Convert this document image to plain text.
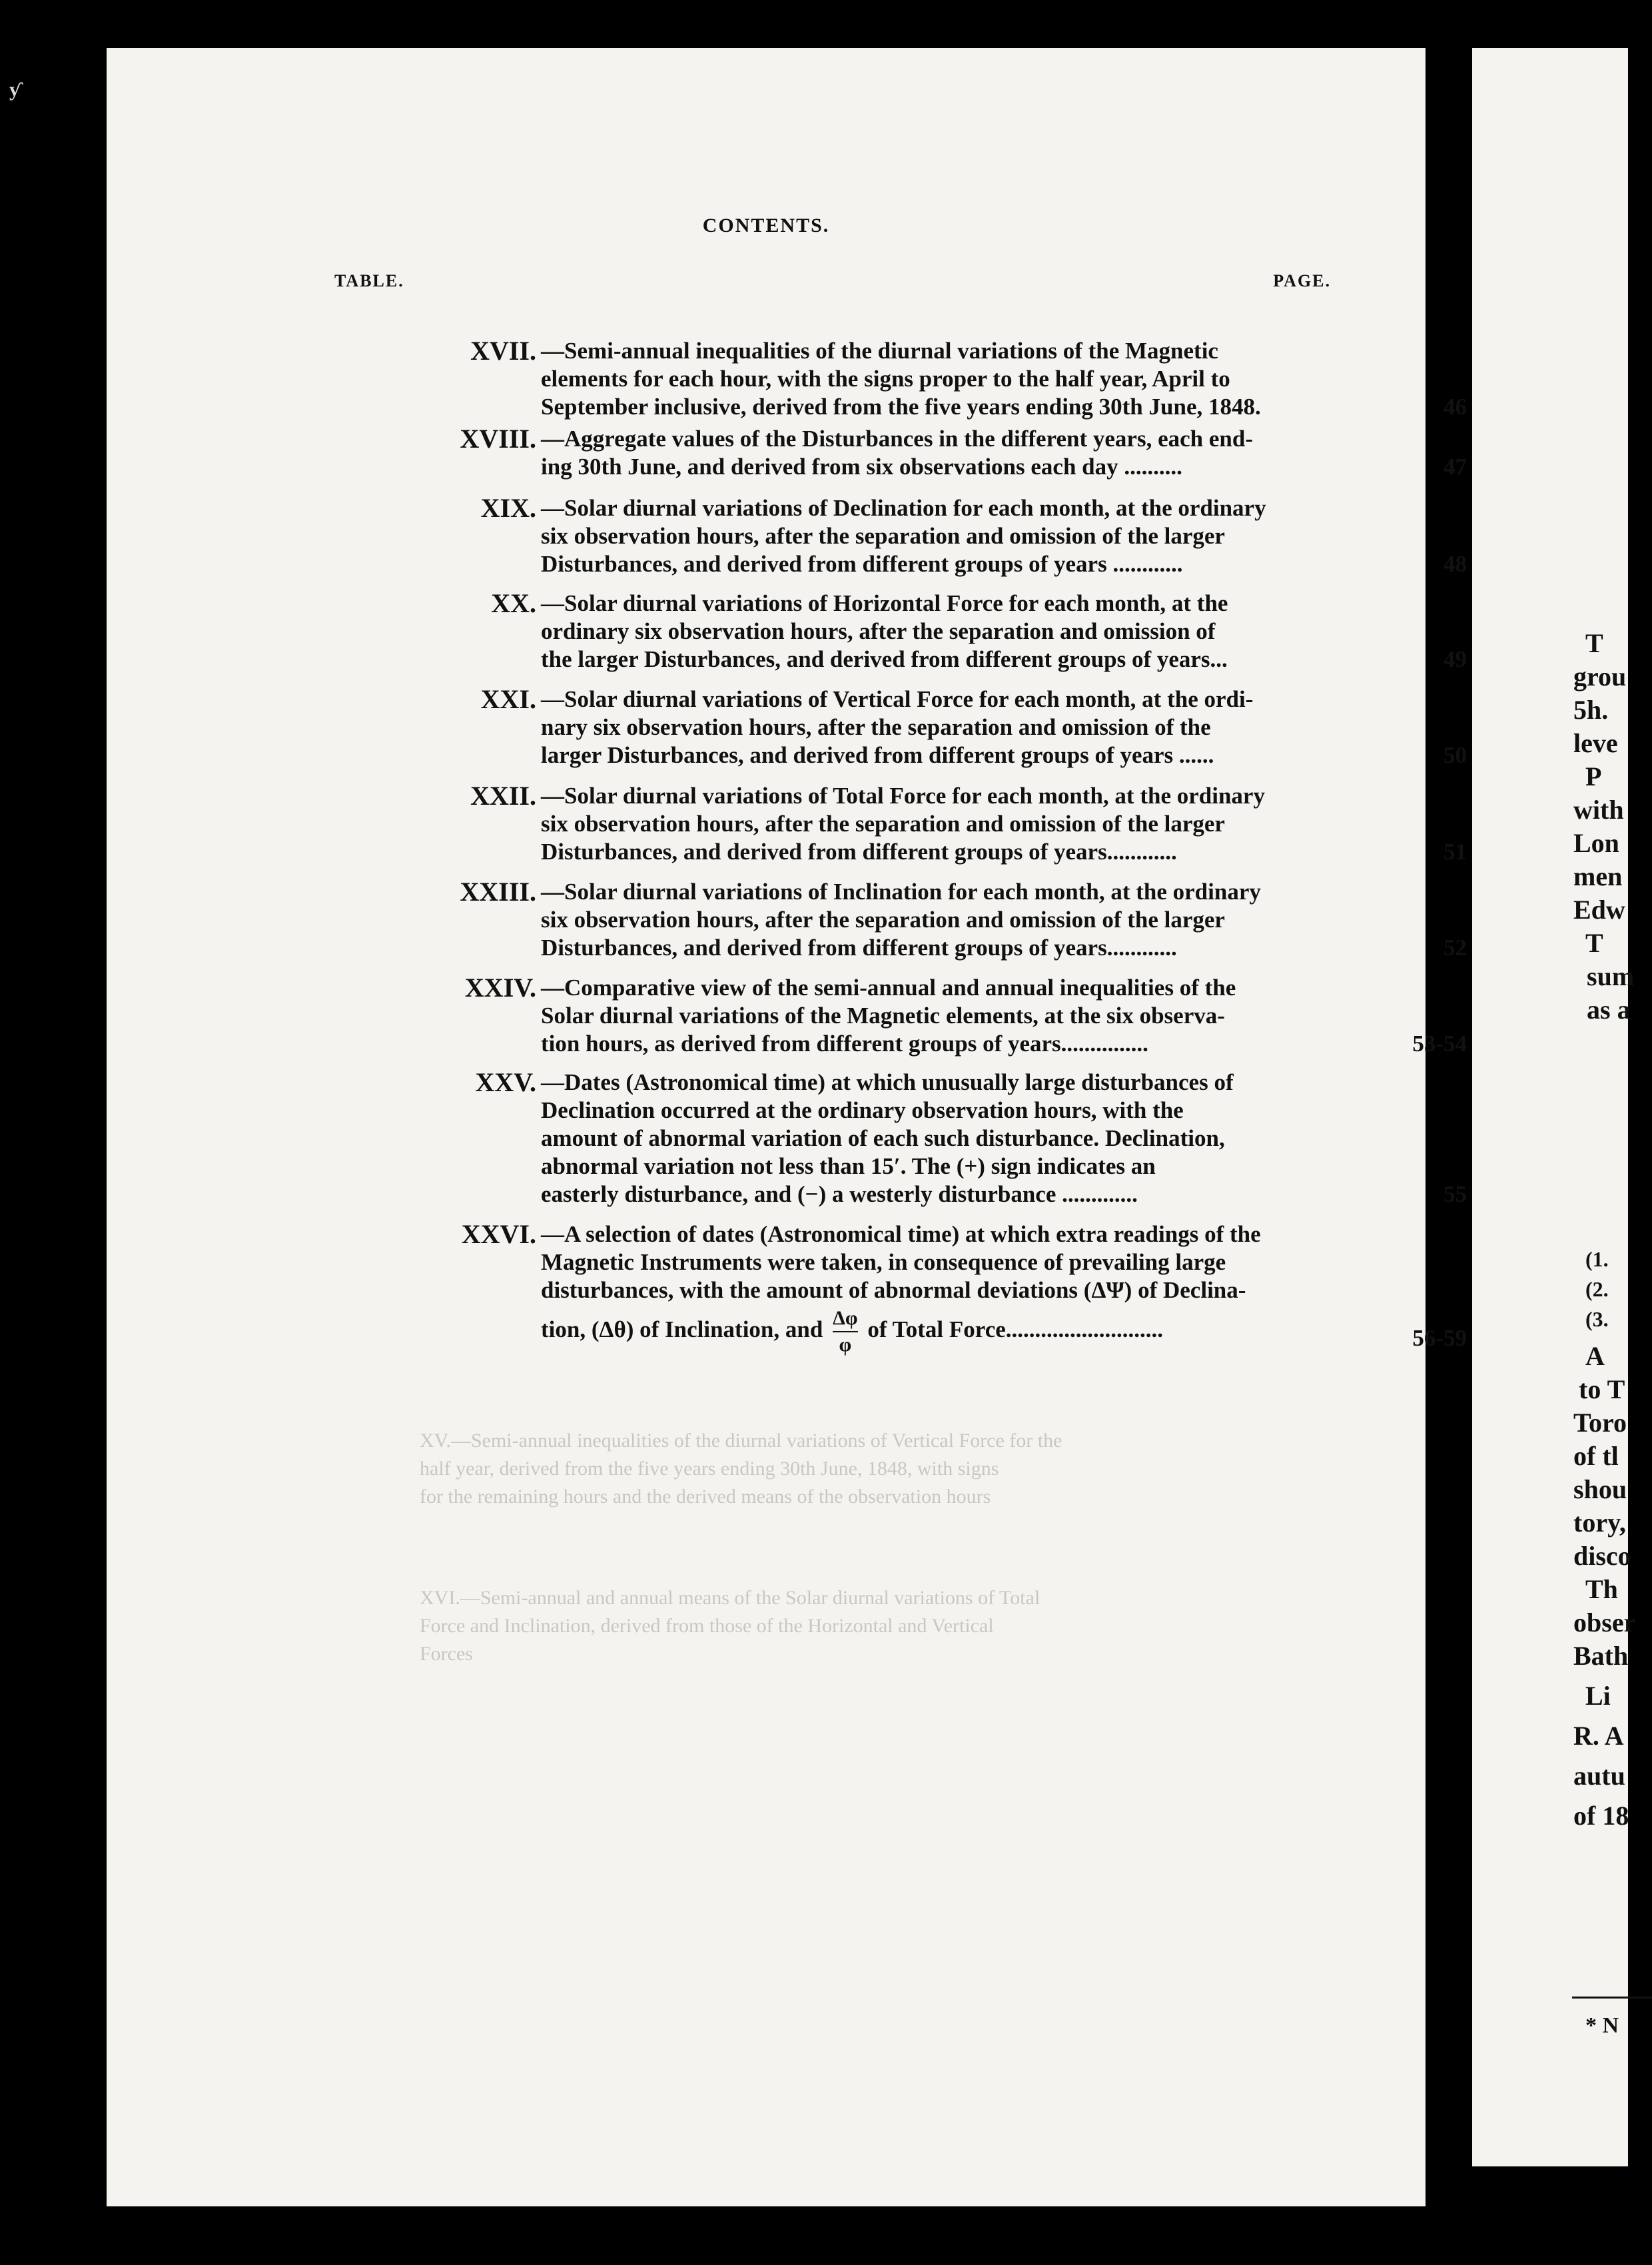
ƴ
CONTENTS.
TABLE.	PAGE.
XVII. —Semi-annual inequalities of the diurnal variations of the Magnetic
elements for each hour, with the signs proper to the half year, April to
September inclusive, derived from the five years ending 30th June, 1848.	46
XVIII. —Aggregate values of the Disturbances in the different years, each end-
ing 30th June, and derived from six observations each day ..........	47
XIX. —Solar diurnal variations of Declination for each month, at the ordinary
six observation hours, after the separation and omission of the larger
Disturbances, and derived from different groups of years ............	48
XX. —Solar diurnal variations of Horizontal Force for each month, at the
ordinary six observation hours, after the separation and omission of
the larger Disturbances, and derived from different groups of years...	49
XXI. —Solar diurnal variations of Vertical Force for each month, at the ordi-
nary six observation hours, after the separation and omission of the
larger Disturbances, and derived from different groups of years ......	50
XXII. —Solar diurnal variations of Total Force for each month, at the ordinary
six observation hours, after the separation and omission of the larger
Disturbances, and derived from different groups of years............	51
XXIII. —Solar diurnal variations of Inclination for each month, at the ordinary
six observation hours, after the separation and omission of the larger
Disturbances, and derived from different groups of years............	52
XXIV. —Comparative view of the semi-annual and annual inequalities of the
Solar diurnal variations of the Magnetic elements, at the six observa-
tion hours, as derived from different groups of years...............	53-54
XXV. —Dates (Astronomical time) at which unusually large disturbances of
Declination occurred at the ordinary observation hours, with the
amount of abnormal variation of each such disturbance. Declination,
abnormal variation not less than 15′. The (+) sign indicates an
easterly disturbance, and (−) a westerly disturbance .............	55
XXVI. —A selection of dates (Astronomical time) at which extra readings of the
Magnetic Instruments were taken, in consequence of prevailing large
disturbances, with the amount of abnormal deviations (ΔΨ) of Declina-
tion, (Δθ) of Inclination, and $\frac{\Delta\varphi}{\varphi}$ of Total Force...........................	56-59
XV.—Semi-annual inequalities of the diurnal variations of Vertical Force for the
half year, derived from the five years ending 30th June, 1848, with signs
for the remaining hours and the derived means of the observation hours
XVI.—Semi-annual and annual means of the Solar diurnal variations of Total
Force and Inclination, derived from those of the Horizontal and Vertical
Forces
T
grou
5h.
leve
P
with
Lon
men
Edw
T
sum
as a
(1.
(2.
(3.
A
to T
Toro
of tl
shou
tory,
disco
Th
obser
Bath
Li
R. A
autu
of 18
* N
